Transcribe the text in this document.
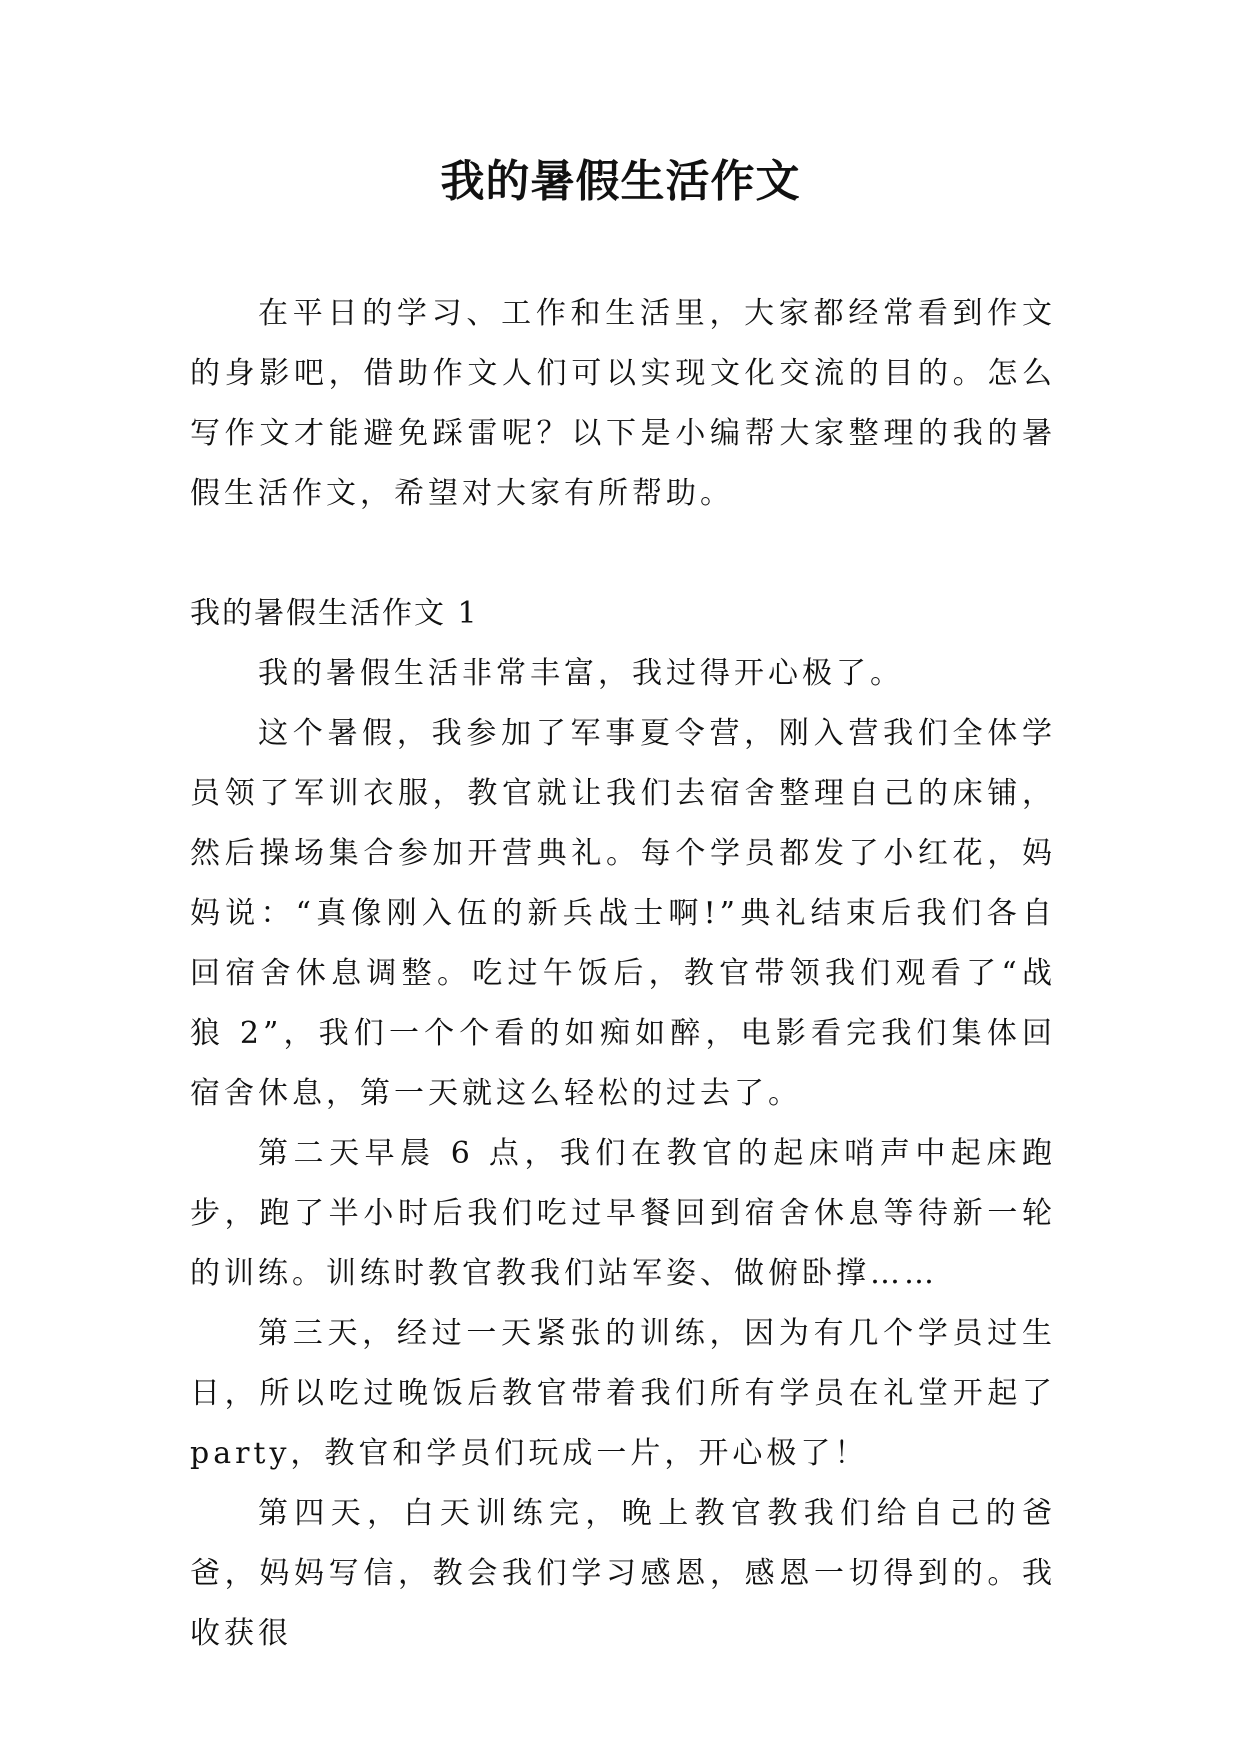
我的暑假生活作文

在平日的学习、工作和生活里，大家都经常看到作文的身影吧，借助作文人们可以实现文化交流的目的。怎么写作文才能避免踩雷呢？以下是小编帮大家整理的我的暑假生活作文，希望对大家有所帮助。

我的暑假生活作文 1

我的暑假生活非常丰富，我过得开心极了。

这个暑假，我参加了军事夏令营，刚入营我们全体学员领了军训衣服，教官就让我们去宿舍整理自己的床铺，然后操场集合参加开营典礼。每个学员都发了小红花，妈妈说：“真像刚入伍的新兵战士啊!”典礼结束后我们各自回宿舍休息调整。吃过午饭后，教官带领我们观看了“战狼 2”，我们一个个看的如痴如醉，电影看完我们集体回宿舍休息，第一天就这么轻松的过去了。

第二天早晨 6 点，我们在教官的起床哨声中起床跑步，跑了半小时后我们吃过早餐回到宿舍休息等待新一轮的训练。训练时教官教我们站军姿、做俯卧撑……

第三天，经过一天紧张的训练，因为有几个学员过生日，所以吃过晚饭后教官带着我们所有学员在礼堂开起了 party，教官和学员们玩成一片，开心极了！

第四天，白天训练完，晚上教官教我们给自己的爸爸，妈妈写信，教会我们学习感恩，感恩一切得到的。我收获很
